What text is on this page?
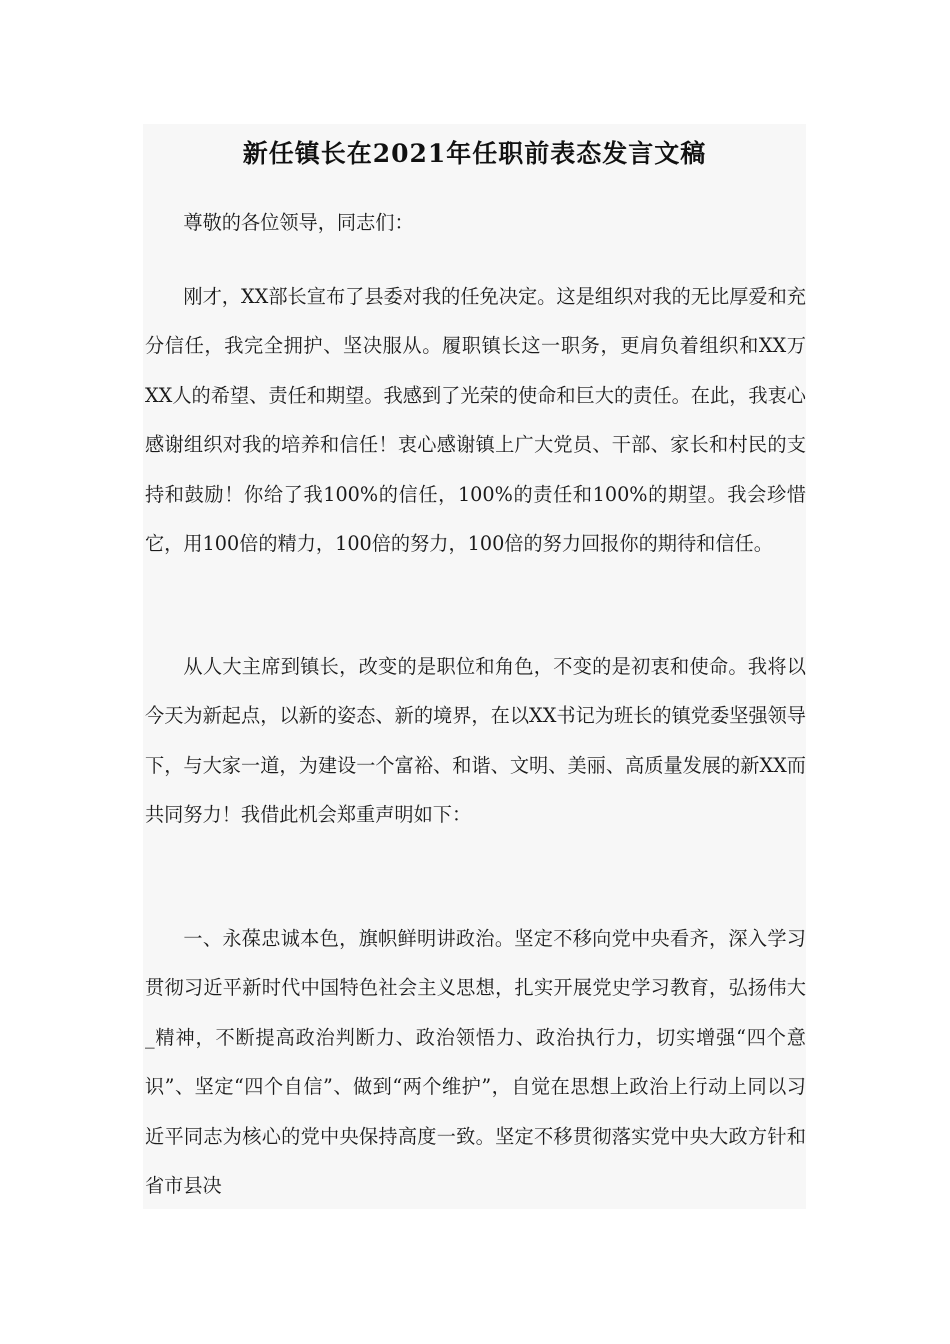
新任镇长在2021年任职前表态发言文稿

尊敬的各位领导，同志们：

刚才，XX部长宣布了县委对我的任免决定。这是组织对我的无比厚爱和充分信任，我完全拥护、坚决服从。履职镇长这一职务，更肩负着组织和XX万XX人的希望、责任和期望。我感到了光荣的使命和巨大的责任。在此，我衷心感谢组织对我的培养和信任！衷心感谢镇上广大党员、干部、家长和村民的支持和鼓励！你给了我100%的信任，100%的责任和100%的期望。我会珍惜它，用100倍的精力，100倍的努力，100倍的努力回报你的期待和信任。

从人大主席到镇长，改变的是职位和角色，不变的是初衷和使命。我将以今天为新起点，以新的姿态、新的境界，在以XX书记为班长的镇党委坚强领导下，与大家一道，为建设一个富裕、和谐、文明、美丽、高质量发展的新XX而共同努力！我借此机会郑重声明如下：

一、永葆忠诚本色，旗帜鲜明讲政治。坚定不移向党中央看齐，深入学习贯彻习近平新时代中国特色社会主义思想，扎实开展党史学习教育，弘扬伟大_精神，不断提高政治判断力、政治领悟力、政治执行力，切实增强“四个意识”、坚定“四个自信”、做到“两个维护”，自觉在思想上政治上行动上同以习近平同志为核心的党中央保持高度一致。坚定不移贯彻落实党中央大政方针和省市县决
